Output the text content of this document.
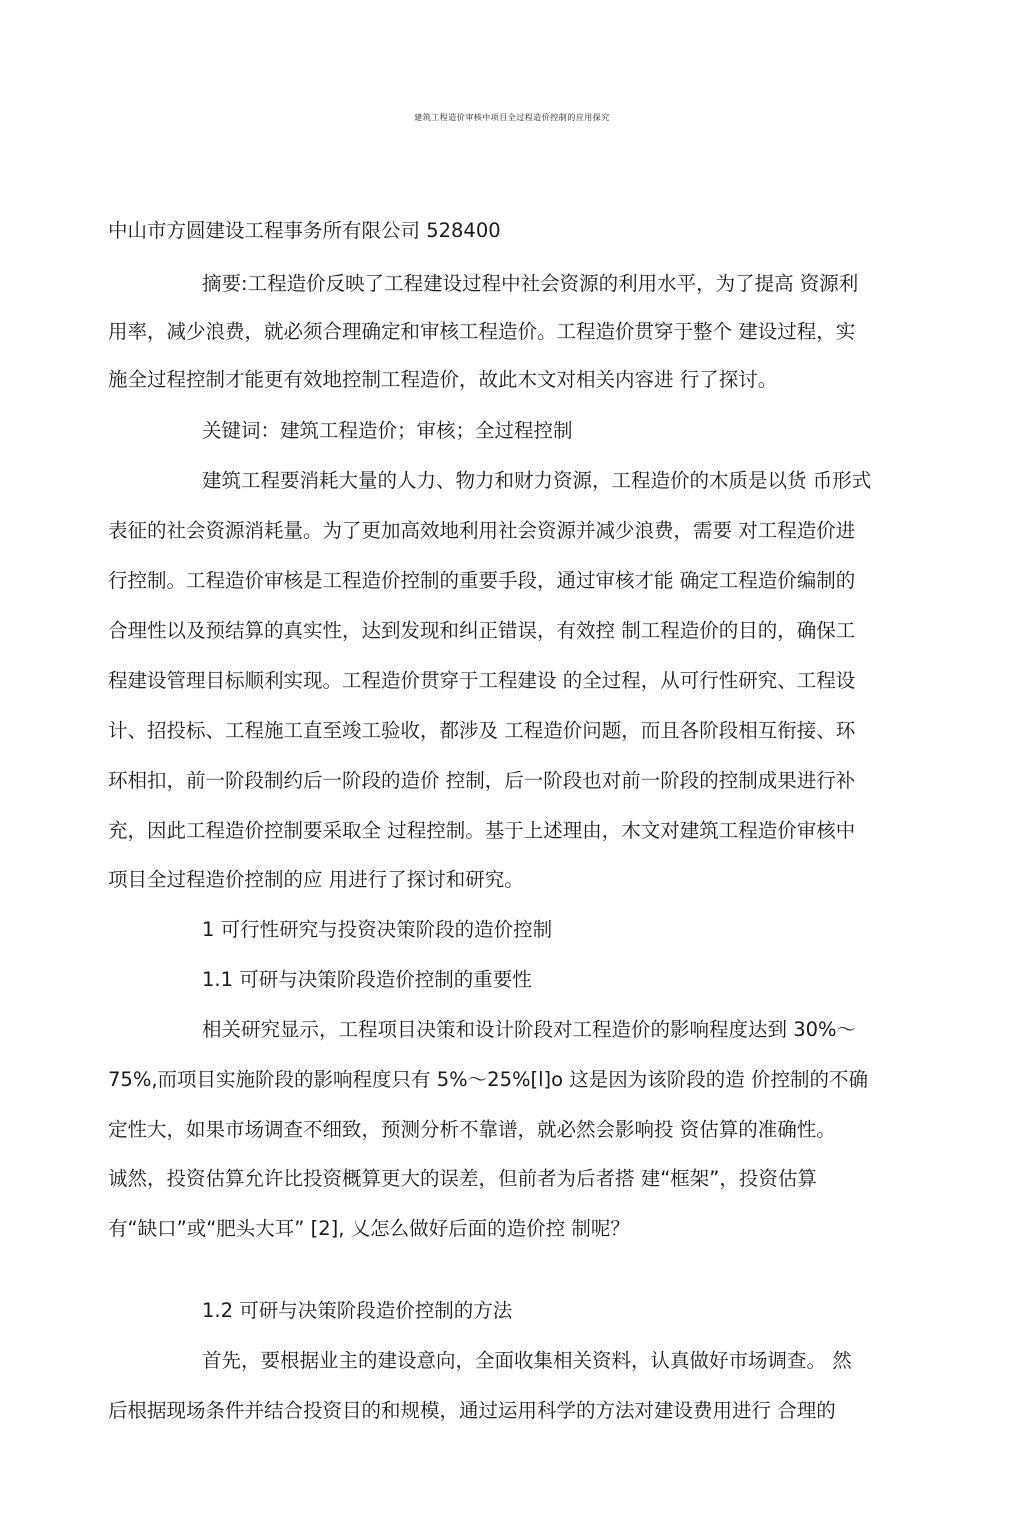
建筑工程造价审核中项目全过程造价控制的应用探究
中山市方圆建设工程事务所有限公司 528400
摘要:工程造价反映了工程建设过程中社会资源的利用水平，为了提高 资源利
用率，减少浪费，就必须合理确定和审核工程造价。工程造价贯穿于整个 建设过程，实
施全过程控制才能更有效地控制工程造价，故此木文对相关内容进 行了探讨。
关键词：建筑工程造价；审核；全过程控制
建筑工程要消耗大量的人力、物力和财力资源，工程造价的木质是以货 币形式
表征的社会资源消耗量。为了更加高效地利用社会资源并减少浪费，需要 对工程造价进
行控制。工程造价审核是工程造价控制的重要手段，通过审核才能 确定工程造价编制的
合理性以及预结算的真实性，达到发现和纠正错误，有效控 制工程造价的目的，确保工
程建设管理目标顺利实现。工程造价贯穿于工程建设 的全过程，从可行性研究、工程设
计、招投标、工程施工直至竣工验收，都涉及 工程造价问题，而且各阶段相互衔接、环
环相扣，前一阶段制约后一阶段的造价 控制，后一阶段也对前一阶段的控制成果进行补
充，因此工程造价控制要采取全 过程控制。基于上述理由，木文对建筑工程造价审核中
项目全过程造价控制的应 用进行了探讨和研究。
1 可行性研究与投资决策阶段的造价控制
1.1 可研与决策阶段造价控制的重要性
相关研究显示，工程项目决策和设计阶段对工程造价的影响程度达到 30%～
75%,而项目实施阶段的影响程度只有 5%～25%[l]o 这是因为该阶段的造 价控制的不确
定性大，如果市场调查不细致，预测分析不靠谱，就必然会影响投 资估算的准确性。
诚然，投资估算允许比投资概算更大的误差，但前者为后者搭 建“框架”，投资估算
有“缺口”或“肥头大耳” [2], 乂怎么做好后面的造价控 制呢？
1.2 可研与决策阶段造价控制的方法
首先，要根据业主的建设意向，全面收集相关资料，认真做好市场调查。 然
后根据现场条件并结合投资目的和规模，通过运用科学的方法对建设费用进行 合理的
